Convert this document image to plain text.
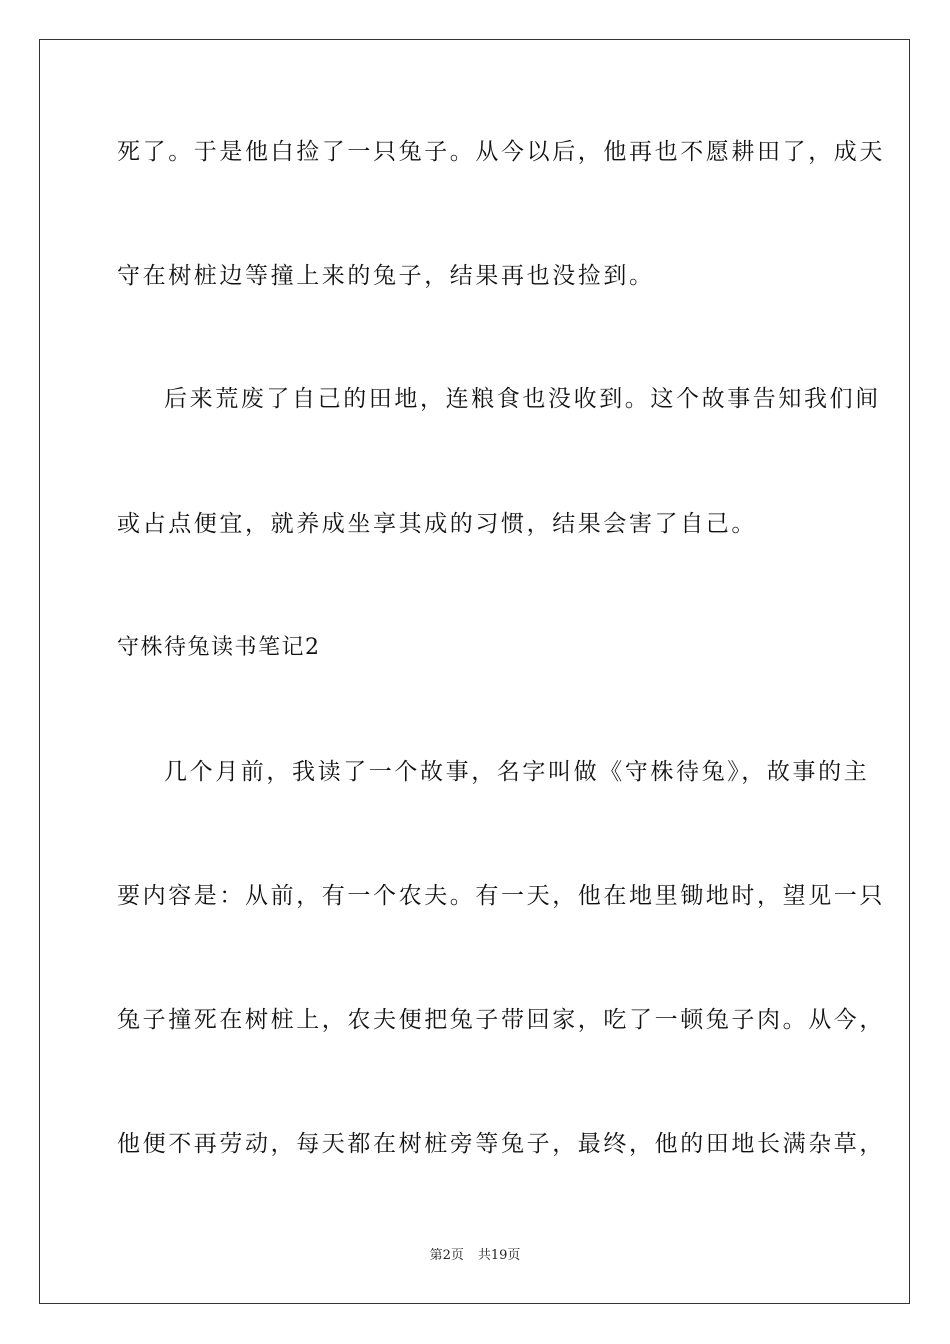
死了。于是他白捡了一只兔子。从今以后，他再也不愿耕田了，成天
守在树桩边等撞上来的兔子，结果再也没捡到。
后来荒废了自己的田地，连粮食也没收到。这个故事告知我们间
或占点便宜，就养成坐享其成的习惯，结果会害了自己。
守株待兔读书笔记2
几个月前，我读了一个故事，名字叫做《守株待兔》，故事的主
要内容是：从前，有一个农夫。有一天，他在地里锄地时，望见一只
兔子撞死在树桩上，农夫便把兔子带回家，吃了一顿兔子肉。从今，
他便不再劳动，每天都在树桩旁等兔子，最终，他的田地长满杂草，
第2页 共19页
